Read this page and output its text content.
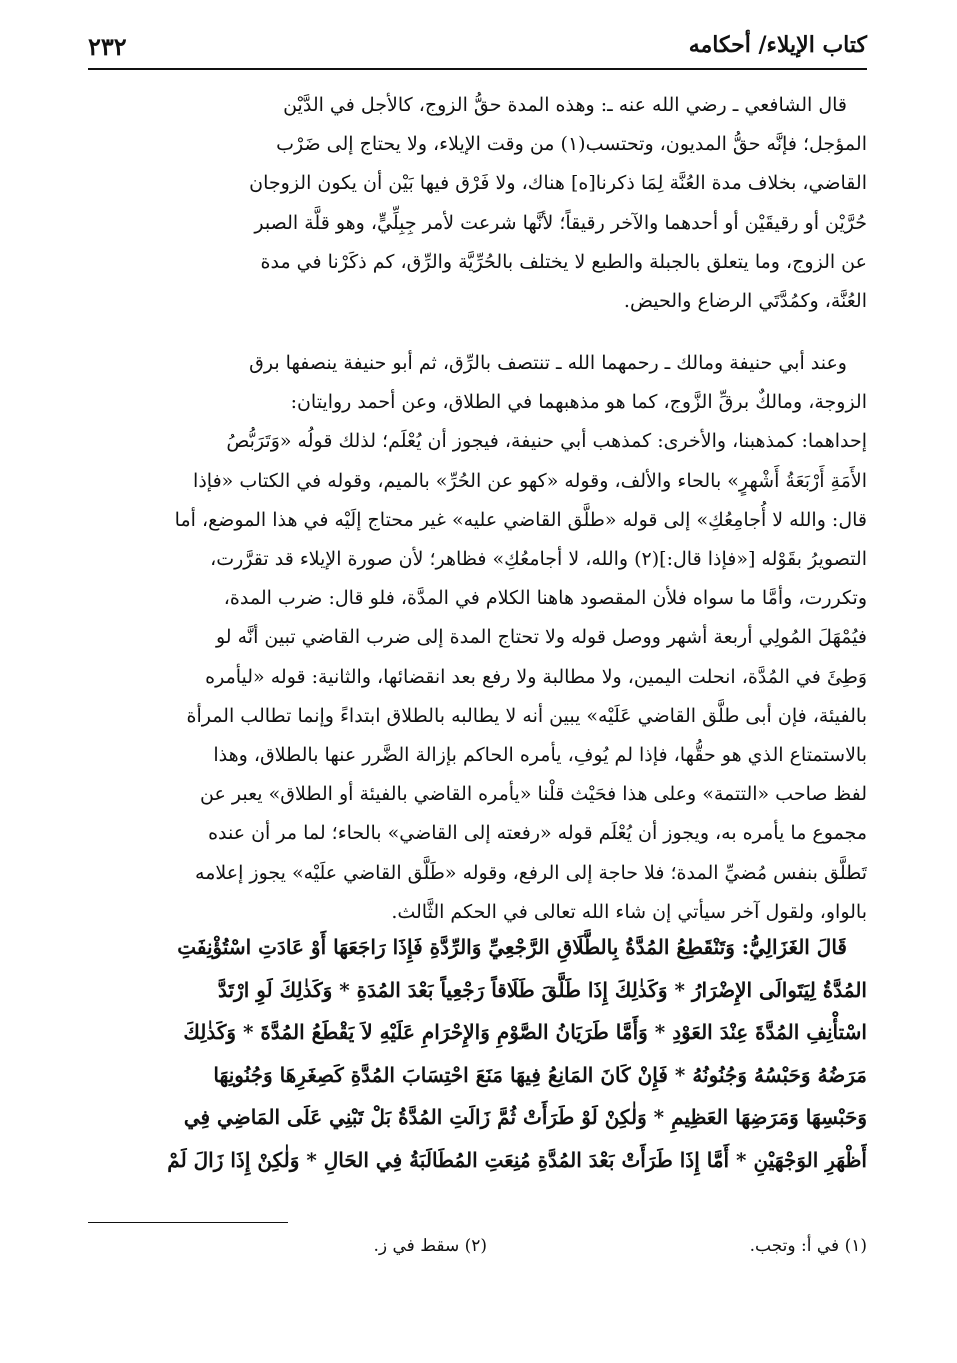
كتاب الإيلاء/ أحكامه
٢٣٢

قال الشافعي ـ رضي الله عنه ـ: وهذه المدة حقُّ الزوج، كالأجل في الدَّيْن
المؤجل؛ فإنَّه حقُّ المديون، وتحتسب(١) من وقت الإيلاء، ولا يحتاج إلى ضَرْب
القاضي، بخلاف مدة العُنَّة لِمَا ذكرنا[ه] هناك، ولا فَرْق فيها بَيْن أن يكون الزوجان
حُرَّيْن أو رقيقَيْن أو أحدهما والآخر رقيقاً؛ لأنَّها شرعت لأمر جِبِلِّيٍّ، وهو قلَّة الصبر
عن الزوج، وما يتعلق بالجبلة والطبع لا يختلف بالحُرِّيَّة والرِّق، كم ذكَرْنا في مدة
العُنَّة، وكمُدَّتَي الرضاع والحيض.

وعند أبي حنيفة ومالك ـ رحمهما الله ـ تنتصف بالرِّق، ثم أبو حنيفة ينصفها برق
الزوجة، ومالكٌ برقِّ الزَّوج، كما هو مذهبهما في الطلاق، وعن أحمد روايتان:
إحداهما: كمذهبنا، والأخرى: كمذهب أبي حنيفة، فيجوز أن يُعْلَم؛ لذلك قولُه «وَتَرَبُّصُ
الأَمَةِ أَرْبَعَةُ أَشْهرٍ» بالحاء والألف، وقوله «كهو عن الحُرِّ» بالميم، وقوله في الكتاب «فإذا
قال: والله لا أُجامِعُكِ» إلى قوله «طلَّق القاضي عليه» غير محتاج إلَيْه في هذا الموضع، أما
التصويرُ بقَوْله [«فإذا قال:](٢) والله، لا أجامعُكِ» فظاهر؛ لأن صورة الإيلاء قد تقرَّرت،
وتكررت، وأمَّا ما سواه فلأن المقصود هاهنا الكلام في المدَّة، فلو قال: ضرب المدة،
فيُمْهَلَ المُولِي أربعة أشهر ووصل قوله ولا تحتاج المدة إلى ضرب القاضي تبين أنَّه لو
وَطِئَ في المُدَّة، انحلت اليمين، ولا مطالبة ولا رفع بعد انقضائها، والثانية: قوله «ليأمره
بالفيئة، فإن أبى طلَّق القاضي عَلَيْه» يبين أنه لا يطالبه بالطلاق ابتداءً وإنما تطالب المرأة
بالاستمتاع الذي هو حقُّها، فإذا لم يُوفِ، يأمره الحاكم بإزالة الضَّرر عنها بالطلاق، وهذا
لفظ صاحب «التتمة» وعلى هذا فحَيْث قلْنا «يأمره القاضي بالفيئة أو الطلاق» يعبر عن
مجموع ما يأمره به، ويجوز أن يُعْلَم قوله «رفعته إلى القاضي» بالحاء؛ لما مر أن عنده
تَطلَّق بنفس مُضيِّ المدة؛ فلا حاجة إلى الرفع، وقوله «طَلَّق القاضي علَيْه» يجوز إعلامه
بالواو، ولقول آخر سيأتي إن شاء الله تعالى في الحكم الثَّالث.

قَالَ الغَزَالِيُّ: وَتَنْقَطِعُ المُدَّةُ بِالطَّلَاقِ الرَّجْعِيِّ وَالرِّدَّةِ فَإِذَا رَاجَعَهَا أَوْ عَادَتِ اسْتُؤْنِفَتِ
المُدَّةُ لِيَتَوالَى الإِضْرَارُ * وَكَذٰلِكَ إِذَا طَلَّقَ طَلَاقاً رَجْعِياً بَعْدَ المُدَةِ * وَكَذٰلِكَ لَوِ ارْتَدَّ
اسْتأْنِفِ المُدَّةَ عِنْدَ العَوْدِ * وَأَمَّا طَرَيَانُ الصَّوْمِ وَالإِحْرَامِ عَلَيْهِ لاَ يَقْطَعُ المُدَّةَ * وَكَذٰلِكَ
مَرَضُهُ وَحَبْسُهُ وَجُنُونُهُ * فَإِنْ كَانَ المَانِعُ فِيهَا مَنَعَ احْتِسَابَ المُدَّةِ كَصِغَرِهَا وَجُنُونِهَا
وَحَبْسِهَا وَمَرَضِهَا العَظِيمِ * وَلٰكِنْ لَوْ طَرَأَتْ ثُمَّ زَالَتِ المُدَّةُ بَلْ تَبْنِي عَلَى المَاضِي فِي
أَظْهَرِ الوَجْهَيْنِ * أَمَّا إِذَا طَرَأَتْ بَعْدَ المُدَّةِ مُنِعَتِ المُطَالَبَةُ فِي الحَالِ * وَلٰكِنْ إِذَا زَالَ لَمْ

(١) في أ: وتجب.
(٢) سقط في ز.
